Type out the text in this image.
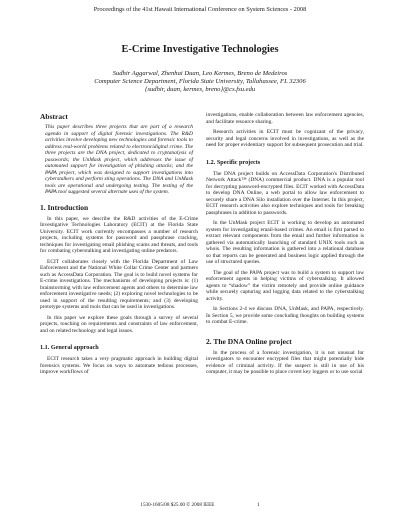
Proceedings of the 41st Hawaii International Conference on System Sciences - 2008
E-Crime Investigative Technologies
Sudhir Aggarwal, Zhenhai Duan, Leo Kermes, Breno de Medeiros
Computer Science Department, Florida State University, Tallahassee, FL 32306
{sudhir, duan, kermes, breno}@cs.fsu.edu
Abstract
This paper describes three projects that are part of a research agenda in support of digital forensic investigations. The R&D activities involve developing new technologies and forensic tools to address real-world problems related to electroncidigital crime. The three projects are the DNA project, dedicated to cryptanalysis of passwords; the UnMask project, which addresses the issue of automated support for investigation of phishing attacks; and the PAPA project, which was designed to support investigations into cyberstalkers and perform sting operations. The DNA and UnMask tools are operational and undergoing testing. The testing of the PAPA tool suggested several alternate uses of the system.
1. Introduction

In this paper, we describe the R&D activities of the E-Crime Investigative Technologies Laboratory (ECIT) at the Florida State University. ECIT work currently encompasses a number of research projects, including systems for password and passphrase cracking, techniques for investigating email phishing scams and threats, and tools for combating cyberstalking and investigating online predators.

ECIT collaborates closely with the Florida Department of Law Enforcement and the National White Collar Crime Center and partners such as AccessData Corporation. The goal is to build novel systems for E-crime investigations. The mechanisms of developing projects is: (1) brainstorming with law enforcement agents and others to determine law enforcement investigative needs; (2) exploring novel technologies to be used in support of the resulting requirements; and (3) developing prototype systems and tools that can be used in investigations.

In this paper we explore these goals through a survey of several projects, touching on requirements and constraints of law enforcement, and on related technology and legal issues.

1.1. General approach

ECIT research takes a very pragmatic approach in building digital forensics systems. We focus on ways to automate tedious processes, improve workflows of

investigations, enable collaboration between law enforcement agencies, and facilitate resource sharing.

Research activities in ECIT must be cognizant of the privacy, security and legal concerns involved in investigations, as well as the need for proper evidentiary support for subsequent prosecution and trial.

1.2. Specific projects

The DNA project builds on AccessData Corporation's Distributed Network Attack™ (DNA) commercial product. DNA is a popular tool for decrypting password-encrypted files. ECIT worked with AccessData to develop DNA Online, a web portal to allow law enforcement to securely share a DNA Silo installation over the Internet. In this project, ECIT research activities also explore techniques and tools for breaking passphrases in addition to passwords.

In the UnMask project ECIT is working to develop an automated system for investigating email-based crimes. An email is first parsed to extract relevant components from the email and further information is gathered via automatically launching of standard UNIX tools such as whois. The resulting information is gathered into a relational database so that reports can be generated and business logic applied through the use of structured queries.

The goal of the PAPA project was to build a system to support law enforcement agents in helping victims of cyberstalking. It allowed agents to “shadow” the victim remotely and provide online guidance while securely capturing and logging data related to the cyberstalking activity.

In Sections 2-4 we discuss DNA, UnMask, and PAPA, respectively. In Section 5, we provide some concluding thoughts on building systems to combat E-crime.

2. The DNA Online project

In the process of a forensic investigation, it is not unusual for investigators to encounter encrypted files that might potentially hide evidence of criminal activity. If the suspect is still in use of his computer, it may be possible to place covert key loggers or to use social

1530-1605/08 $25.00 © 2008 IEEE	1
